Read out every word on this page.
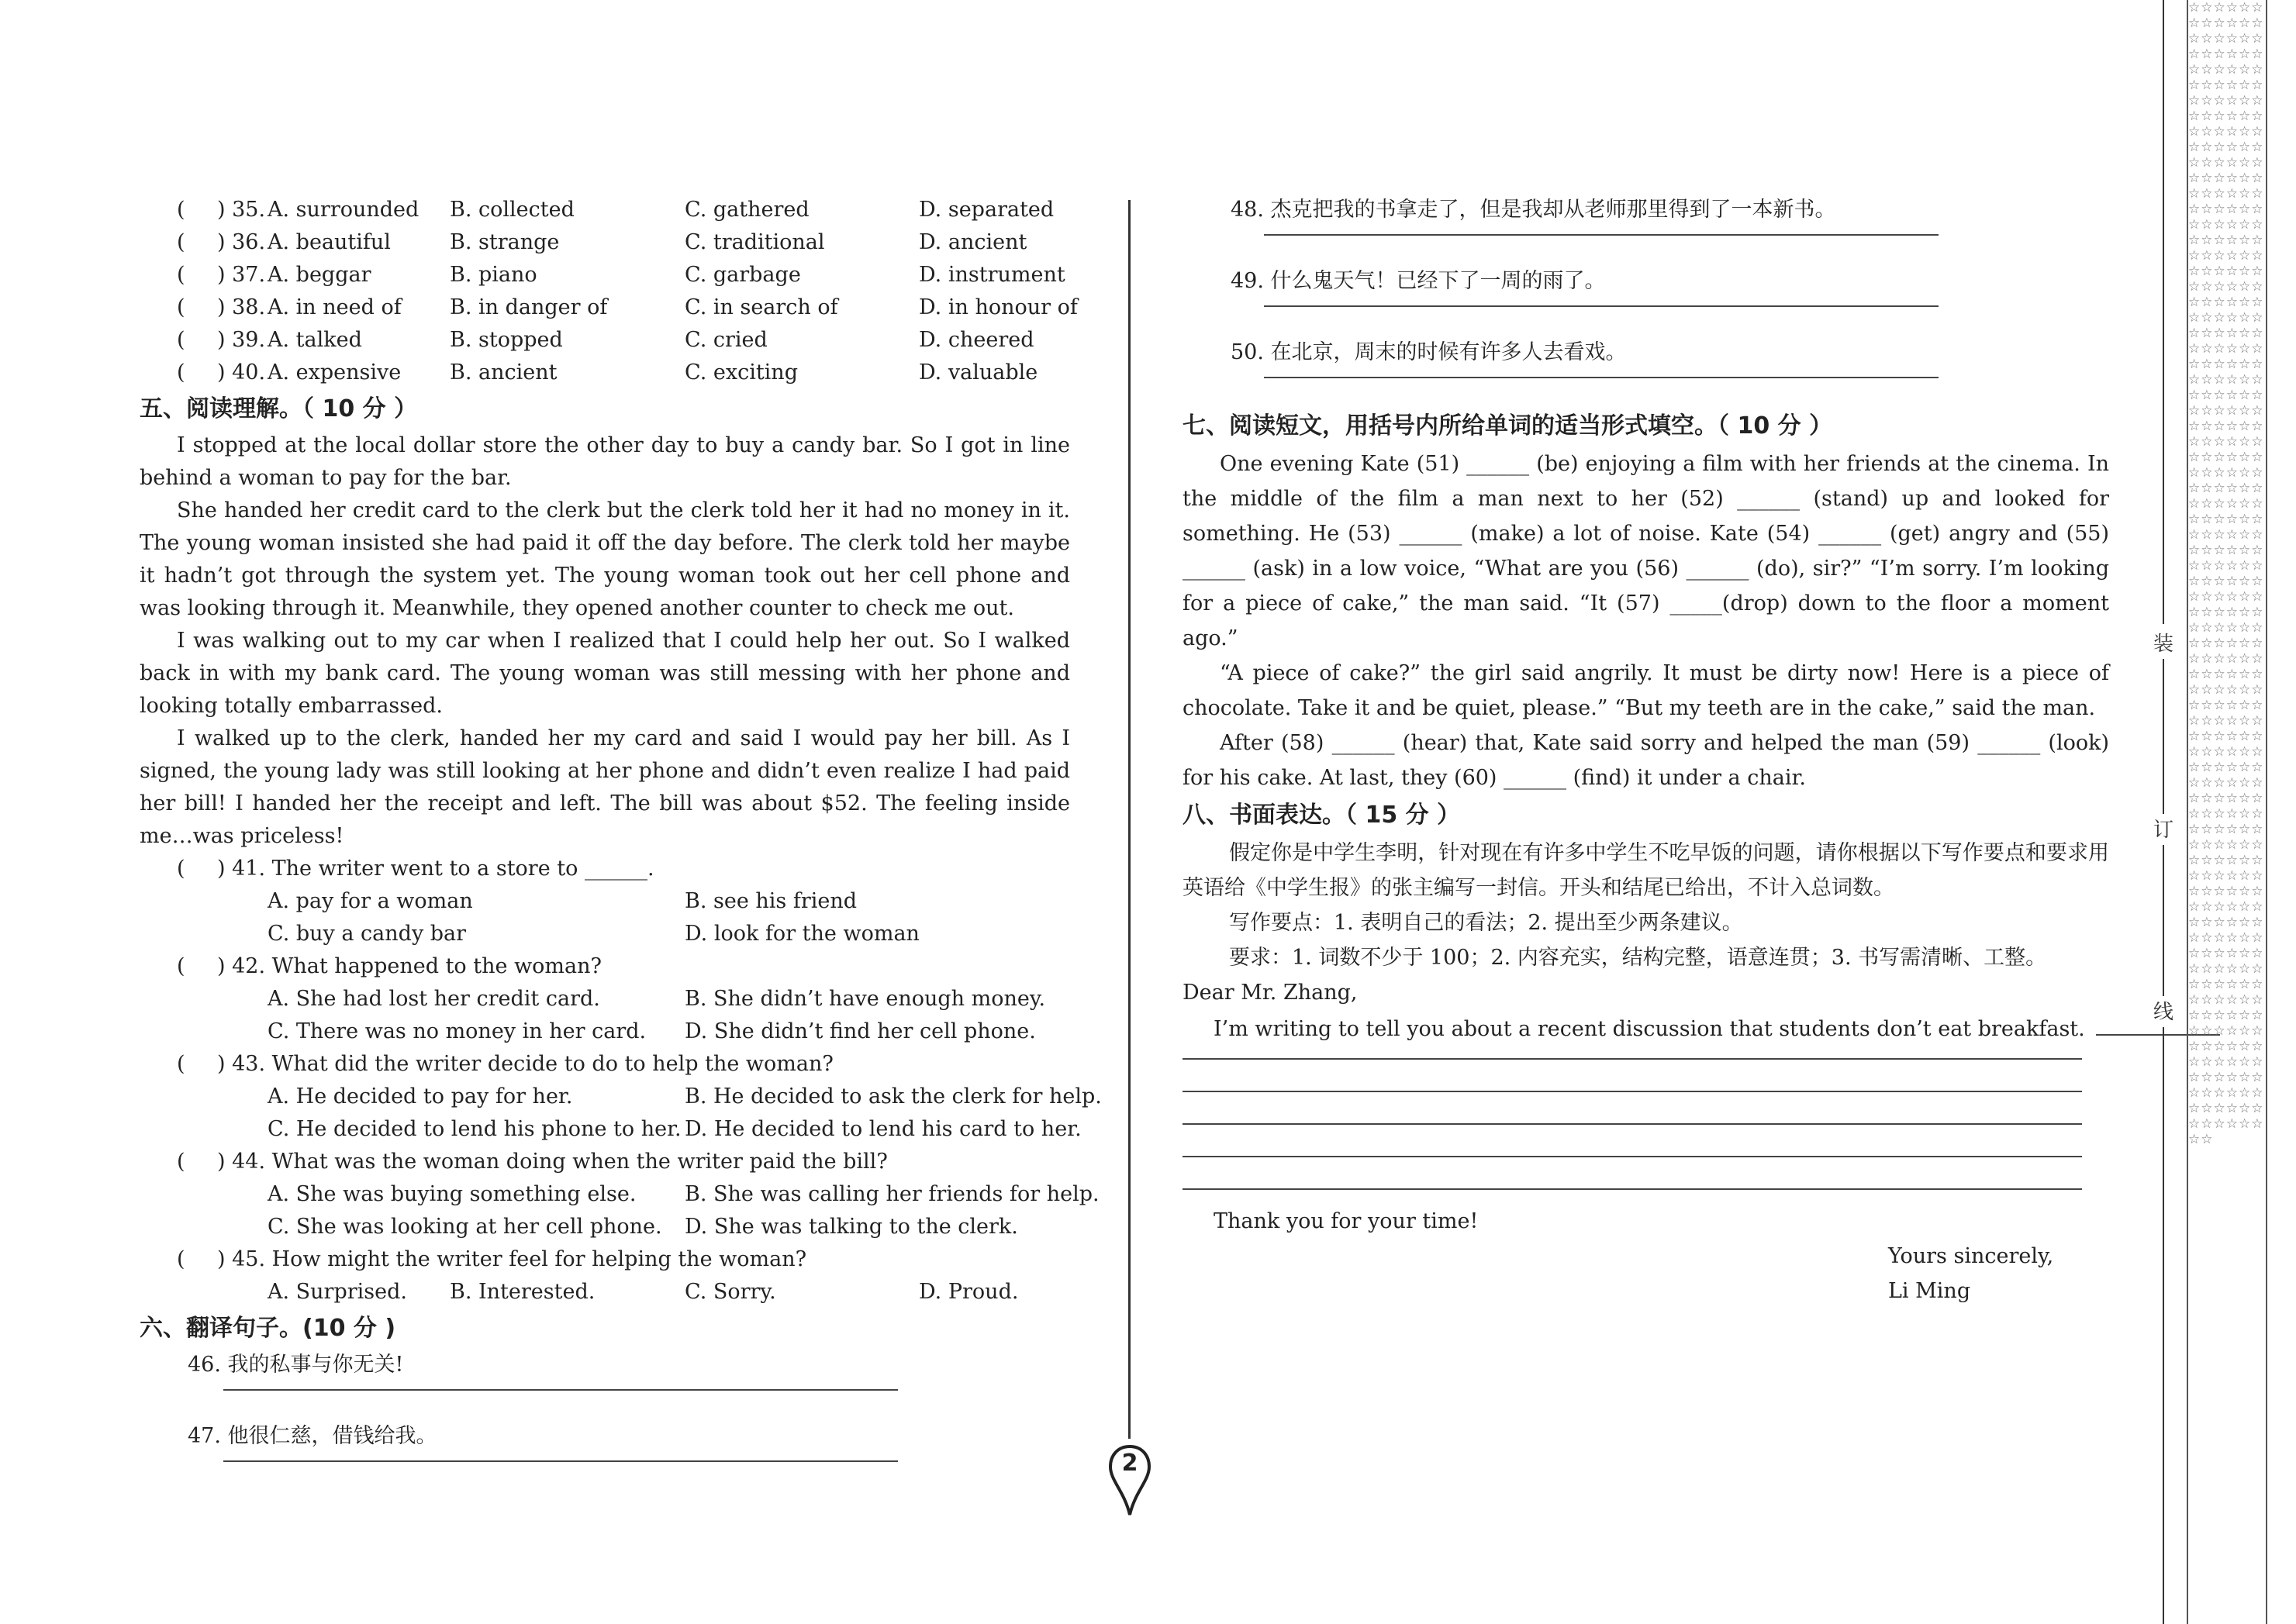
( ) 35. A. surrounded B. collected	C. gathered	D. separated
( ) 36. A. beautiful	B. strange	C. traditional	D. ancient
( ) 37. A. beggar	B. piano	C. garbage	D. instrument
( ) 38. A. in need of B. in danger of	C. in search of	D. in honour of
( ) 39. A. talked	B. stopped	C. cried	D. cheered
( ) 40. A. expensive B. ancient	C. exciting	D. valuable
五、阅读理解。（ 10 分 ）

I stopped at the local dollar store the other day to buy a candy bar. So I got in line behind a woman to pay for the bar.

She handed her credit card to the clerk but the clerk told her it had no money in it. The young woman insisted she had paid it off the day before. The clerk told her maybe it hadn’t got through the system yet. The young woman took out her cell phone and was looking through it. Meanwhile, they opened another counter to check me out.

I was walking out to my car when I realized that I could help her out. So I walked back in with my bank card. The young woman was still messing with her phone and looking totally embarrassed.

I walked up to the clerk, handed her my card and said I would pay her bill. As I signed, the young lady was still looking at her phone and didn’t even realize I had paid her bill! I handed her the receipt and left. The bill was about $52. The feeling inside me…was priceless!

( ) 41. The writer went to a store to ______.
A. pay for a woman	B. see his friend
C. buy a candy bar	D. look for the woman
( ) 42. What happened to the woman?
A. She had lost her credit card.	B. She didn’t have enough money.
C. There was no money in her card. D. She didn’t find her cell phone.
( ) 43. What did the writer decide to do to help the woman?
A. He decided to pay for her.	B. He decided to ask the clerk for help.
C. He decided to lend his phone to her. D. He decided to lend his card to her.
( ) 44. What was the woman doing when the writer paid the bill?
A. She was buying something else. B. She was calling her friends for help.
C. She was looking at her cell phone. D. She was talking to the clerk.
( ) 45. How might the writer feel for helping the woman?
A. Surprised. B. Interested.	C. Sorry.	D. Proud.
六、翻译句子。(10 分 )
46. 我的私事与你无关!
47. 他很仁慈，借钱给我。
2
48. 杰克把我的书拿走了，但是我却从老师那里得到了一本新书。
49. 什么鬼天气！已经下了一周的雨了。
50. 在北京，周末的时候有许多人去看戏。
七、阅读短文，用括号内所给单词的适当形式填空。（ 10 分 ）

One evening Kate (51) ______ (be) enjoying a film with her friends at the cinema. In the middle of the film a man next to her (52) ______ (stand) up and looked for something. He (53) ______ (make) a lot of noise. Kate (54) ______ (get) angry and (55) ______ (ask) in a low voice, “What are you (56) ______ (do), sir?” “I’m sorry. I’m looking for a piece of cake,” the man said. “It (57) _____(drop) down to the floor a moment ago.”

“A piece of cake?” the girl said angrily. It must be dirty now! Here is a piece of chocolate. Take it and be quiet, please.” “But my teeth are in the cake,” said the man.

After (58) ______ (hear) that, Kate said sorry and helped the man (59) ______ (look) for his cake. At last, they (60) ______ (find) it under a chair.

八、书面表达。（ 15 分 ）

假定你是中学生李明，针对现在有许多中学生不吃早饭的问题，请你根据以下写作要点和要求用英语给《中学生报》的张主编写一封信。开头和结尾已给出，不计入总词数。

写作要点：1. 表明自己的看法；2. 提出至少两条建议。

要求：1. 词数不少于 100；2. 内容充实，结构完整，语意连贯；3. 书写需清晰、工整。

Dear Mr. Zhang,
I’m writing to tell you about a recent discussion that students don’t eat breakfast.
Thank you for your time!
Yours sincerely,
Li Ming
☆☆☆☆☆☆☆☆☆☆☆☆☆☆☆☆☆☆☆☆☆☆☆☆☆☆☆☆☆☆☆☆☆☆☆☆☆☆☆☆☆☆☆☆☆☆☆☆☆☆☆☆☆☆☆☆☆☆☆☆☆☆☆☆☆☆☆☆☆☆☆☆☆☆☆☆☆☆☆☆☆☆☆☆☆☆☆☆☆☆☆☆☆☆☆☆☆☆☆☆☆☆☆☆☆☆☆☆☆☆☆☆☆☆☆☆☆☆☆☆☆☆☆☆☆☆☆☆☆☆☆☆☆☆☆☆☆☆☆☆☆☆☆☆☆☆☆☆☆☆☆☆☆☆☆☆☆☆☆☆☆☆☆☆☆☆☆☆☆☆☆☆☆☆☆☆☆☆☆☆☆☆☆☆☆☆☆☆☆☆☆☆☆☆☆☆☆☆☆☆☆☆☆☆☆☆☆☆☆☆☆☆☆☆☆☆☆☆☆☆☆☆☆☆☆☆☆☆☆☆☆☆☆☆☆☆☆☆☆☆☆☆☆☆☆☆☆☆☆☆☆☆☆☆☆☆☆☆☆☆☆☆☆☆☆☆☆☆☆☆☆☆☆☆☆☆☆☆☆☆☆☆☆☆☆☆☆☆☆☆☆☆☆☆☆☆☆☆☆☆☆☆☆☆☆☆☆☆☆☆☆☆☆☆☆☆☆☆☆☆☆☆☆☆☆☆☆☆☆☆☆☆☆☆☆☆☆☆☆☆☆☆☆☆☆☆☆☆☆☆☆☆☆☆☆☆☆☆☆☆☆☆☆☆☆☆☆☆☆☆☆☆☆☆☆☆☆☆☆☆☆☆☆☆☆☆☆☆☆☆☆☆☆☆☆☆☆☆☆☆☆☆☆☆☆☆☆☆☆☆☆☆☆☆☆☆☆☆☆☆☆☆☆☆☆☆☆☆☆☆☆☆☆☆☆☆☆☆☆☆
装
订
线
